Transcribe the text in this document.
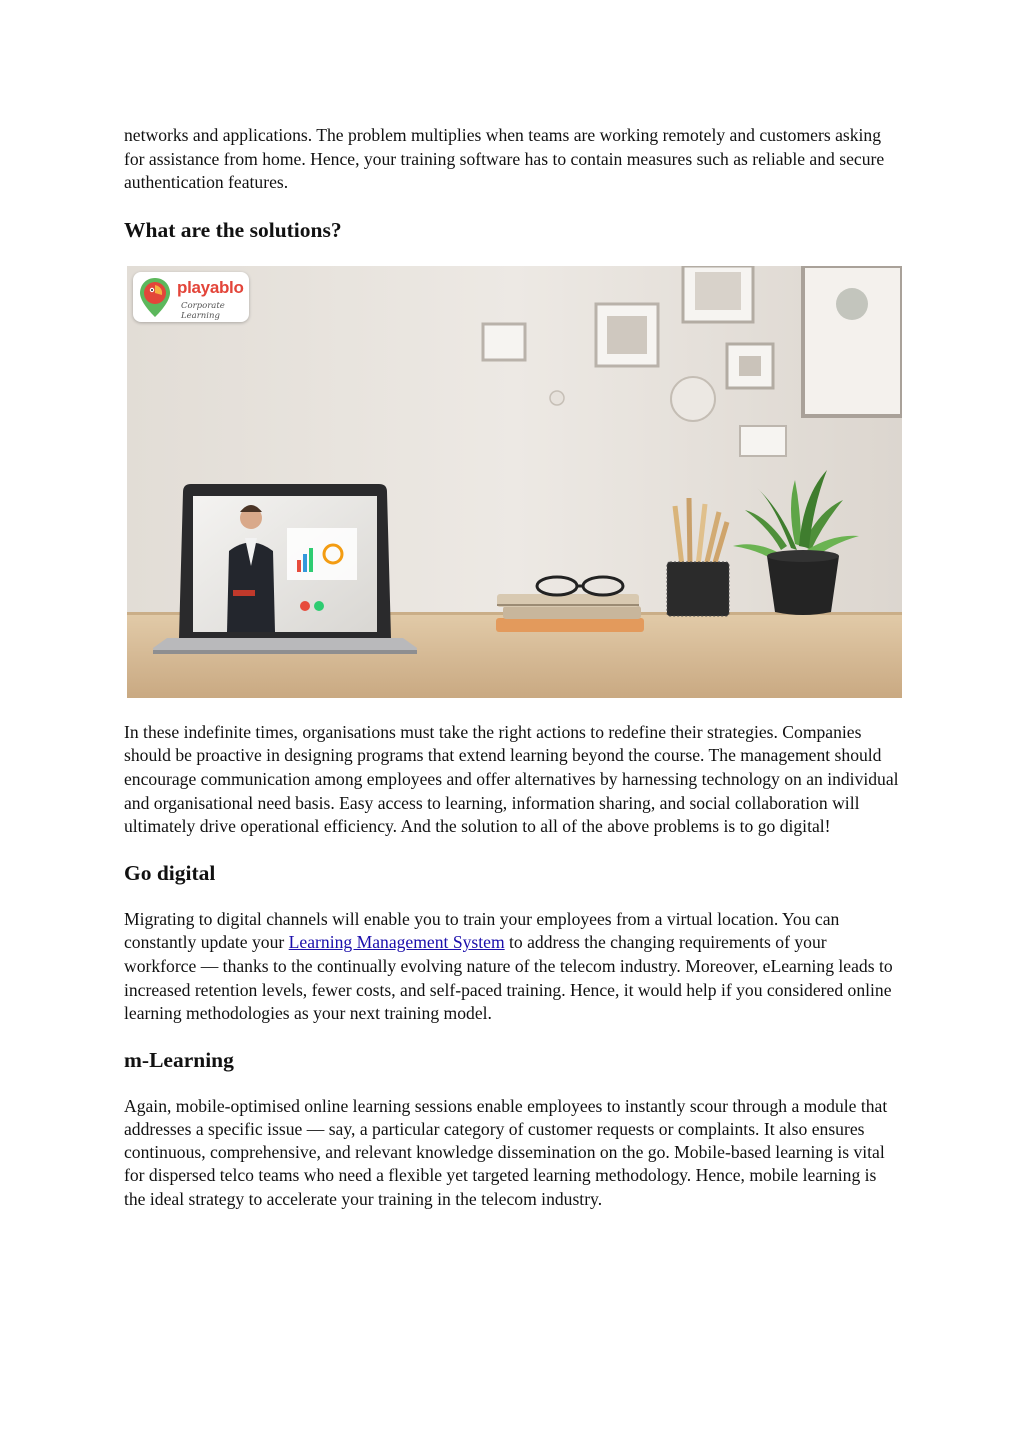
networks and applications. The problem multiplies when teams are working remotely and customers asking for assistance from home. Hence, your training software has to contain measures such as reliable and secure authentication features.

What are the solutions?
playablo
Corporate Learning

In these indefinite times, organisations must take the right actions to redefine their strategies. Companies should be proactive in designing programs that extend learning beyond the course. The management should encourage communication among employees and offer alternatives by harnessing technology on an individual and organisational need basis. Easy access to learning, information sharing, and social collaboration will ultimately drive operational efficiency. And the solution to all of the above problems is to go digital!

Go digital

Migrating to digital channels will enable you to train your employees from a virtual location. You can constantly update your Learning Management System to address the changing requirements of your workforce — thanks to the continually evolving nature of the telecom industry. Moreover, eLearning leads to increased retention levels, fewer costs, and self-paced training. Hence, it would help if you considered online learning methodologies as your next training model.

m-Learning

Again, mobile-optimised online learning sessions enable employees to instantly scour through a module that addresses a specific issue — say, a particular category of customer requests or complaints. It also ensures continuous, comprehensive, and relevant knowledge dissemination on the go. Mobile-based learning is vital for dispersed telco teams who need a flexible yet targeted learning methodology. Hence, mobile learning is the ideal strategy to accelerate your training in the telecom industry.
